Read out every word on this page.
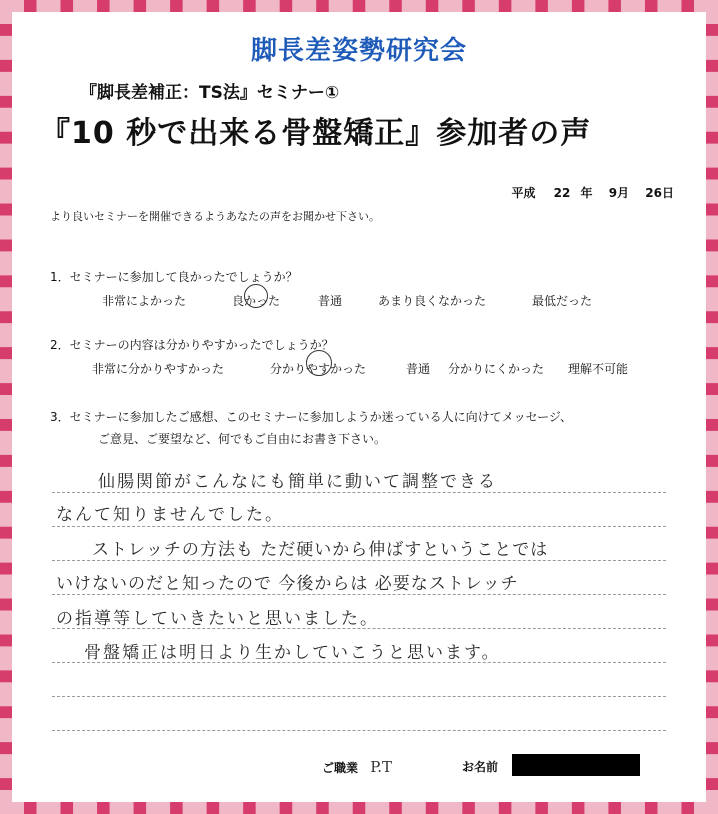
脚長差姿勢研究会
『脚長差補正：TS法』セミナー①
『10 秒で出来る骨盤矯正』参加者の声
平成 22 年 9月 26日
より良いセミナーを開催できるようあなたの声をお聞かせ下さい。
1．セミナーに参加して良かったでしょうか？
非常によかった	良かった	普通	あまり良くなかった	最低だった
2．セミナーの内容は分かりやすかったでしょうか？
非常に分かりやすかった	分かりやすかった	普通 分かりにくかった 理解不可能
3．セミナーに参加したご感想、このセミナーに参加しようか迷っている人に向けてメッセージ、
ご意見、ご要望など、何でもご自由にお書き下さい。
仙腸関節がこんなにも簡単に動いて調整できる
なんて知りませんでした。
ストレッチの方法も ただ硬いから伸ばすということでは
いけないのだと知ったので 今後からは 必要なストレッチ
の指導等していきたいと思いました。
骨盤矯正は明日より生かしていこうと思います。
ご職業 P.T	お名前
